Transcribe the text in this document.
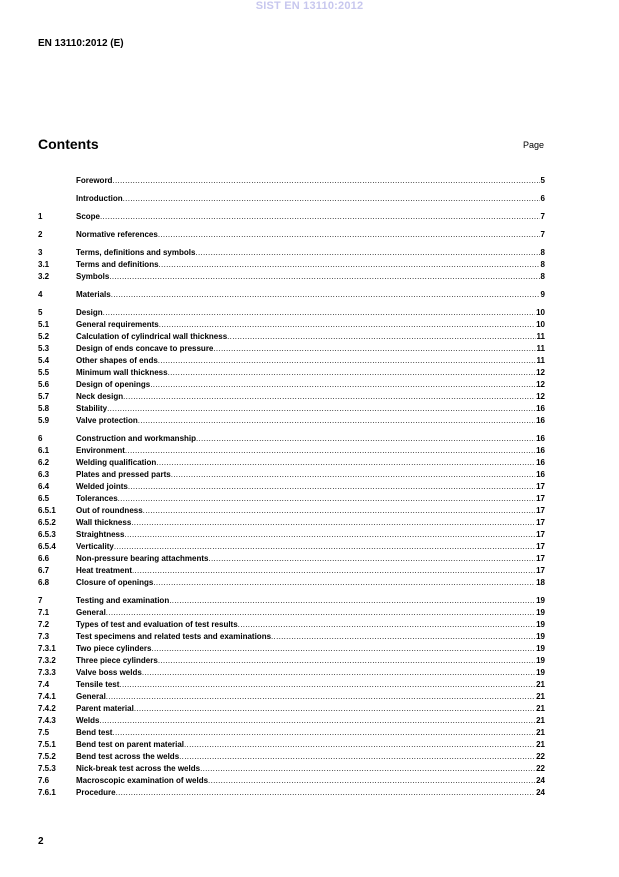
SIST EN 13110:2012
EN 13110:2012 (E)
Contents	Page
Foreword .....	5
Introduction .....	6
1	Scope .....	7
2	Normative references .....	7
3	Terms, definitions and symbols .....	8
3.1	Terms and definitions .....	8
3.2	Symbols .....	8
4	Materials .....	9
5	Design .....	10
5.1	General requirements .....	10
5.2	Calculation of cylindrical wall thickness .....	11
5.3	Design of ends concave to pressure .....	11
5.4	Other shapes of ends .....	11
5.5	Minimum wall thickness .....	12
5.6	Design of openings .....	12
5.7	Neck design .....	12
5.8	Stability .....	16
5.9	Valve protection .....	16
6	Construction and workmanship .....	16
6.1	Environment .....	16
6.2	Welding qualification .....	16
6.3	Plates and pressed parts .....	16
6.4	Welded joints .....	17
6.5	Tolerances .....	17
6.5.1	Out of roundness .....	17
6.5.2	Wall thickness .....	17
6.5.3	Straightness .....	17
6.5.4	Verticality .....	17
6.6	Non-pressure bearing attachments .....	17
6.7	Heat treatment .....	17
6.8	Closure of openings .....	18
7	Testing and examination .....	19
7.1	General .....	19
7.2	Types of test and evaluation of test results .....	19
7.3	Test specimens and related tests and examinations .....	19
7.3.1	Two piece cylinders .....	19
7.3.2	Three piece cylinders .....	19
7.3.3	Valve boss welds .....	19
7.4	Tensile test .....	21
7.4.1	General .....	21
7.4.2	Parent material .....	21
7.4.3	Welds .....	21
7.5	Bend test .....	21
7.5.1	Bend test on parent material .....	21
7.5.2	Bend test across the welds .....	22
7.5.3	Nick-break test across the welds .....	22
7.6	Macroscopic examination of welds .....	24
7.6.1	Procedure .....	24
2
